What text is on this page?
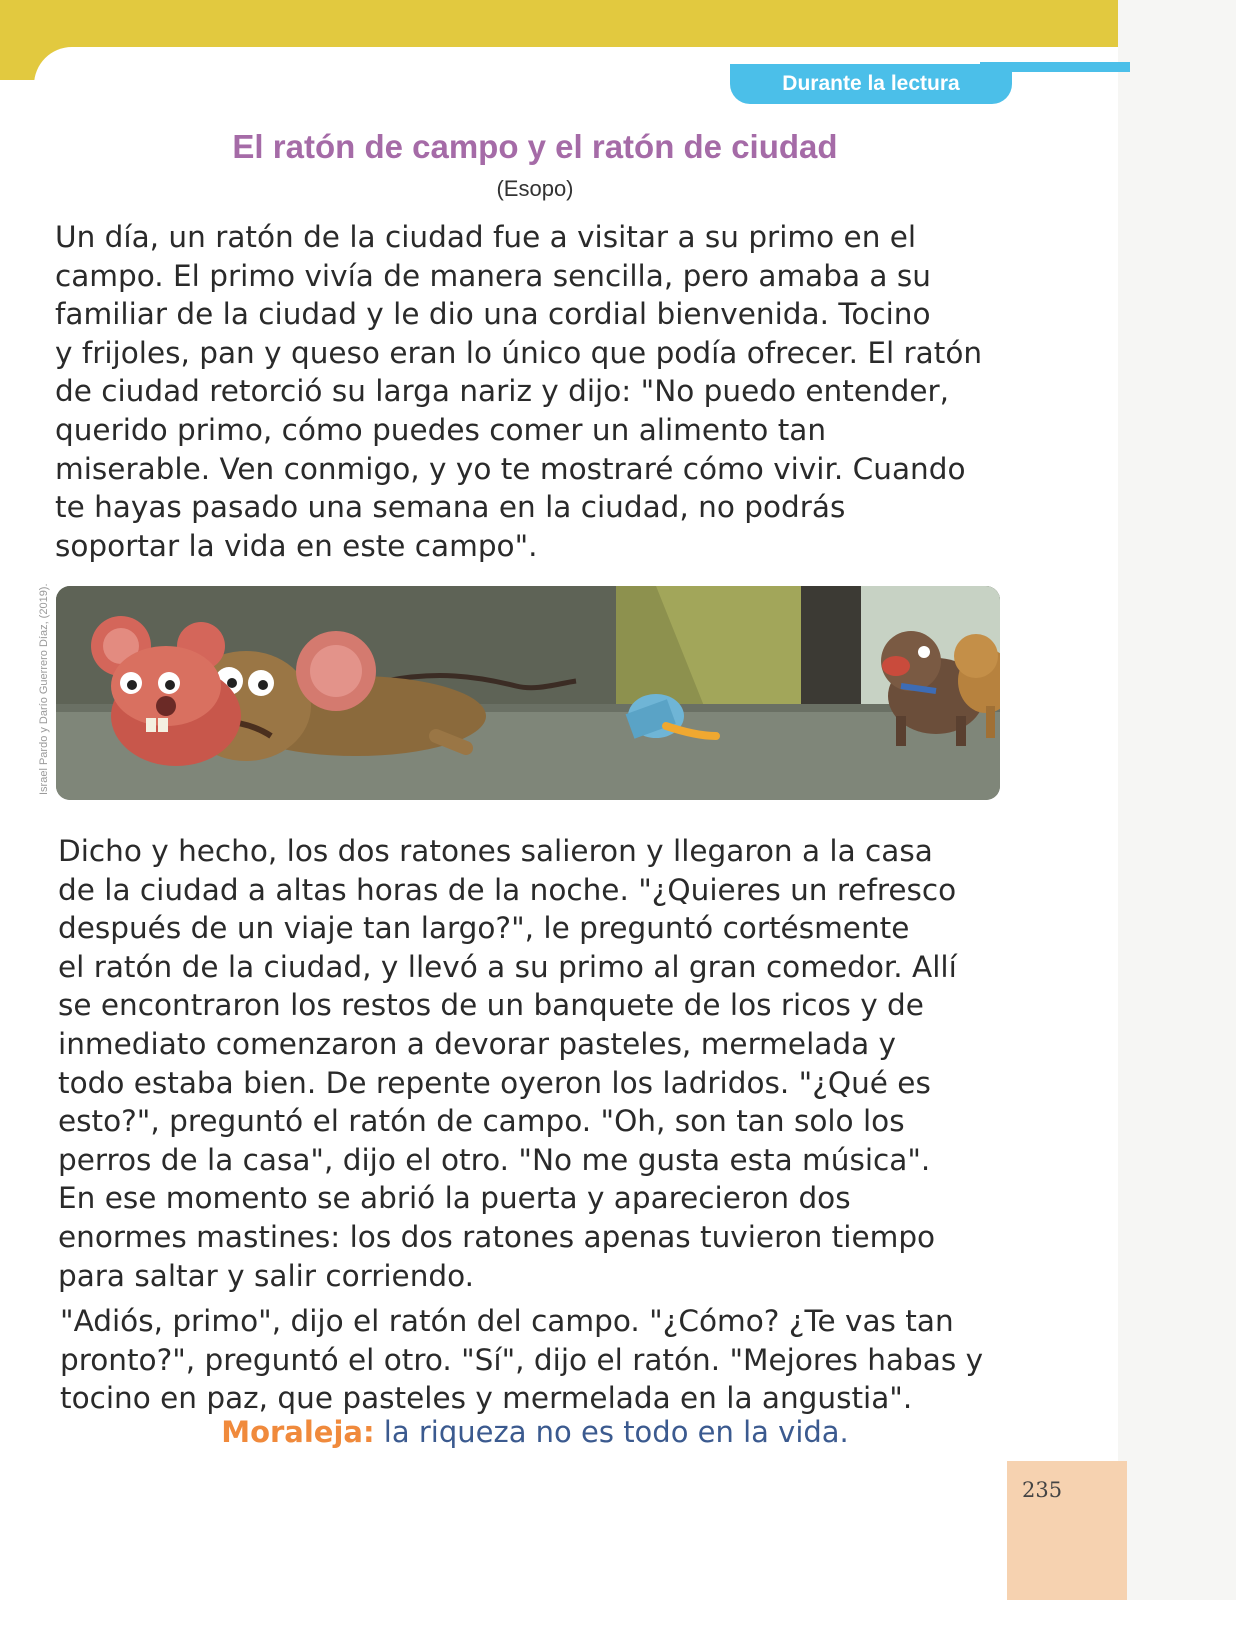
Durante la lectura
El ratón de campo y el ratón de ciudad
(Esopo)

Un día, un ratón de la ciudad fue a visitar a su primo en el
campo. El primo vivía de manera sencilla, pero amaba a su
familiar de la ciudad y le dio una cordial bienvenida. Tocino
y frijoles, pan y queso eran lo único que podía ofrecer. El ratón
de ciudad retorció su larga nariz y dijo: "No puedo entender,
querido primo, cómo puedes comer un alimento tan
miserable. Ven conmigo, y yo te mostraré cómo vivir. Cuando
te hayas pasado una semana en la ciudad, no podrás
soportar la vida en este campo".

Israel Pardo y Darío Guerrero Díaz, (2019).

Dicho y hecho, los dos ratones salieron y llegaron a la casa
de la ciudad a altas horas de la noche. "¿Quieres un refresco
después de un viaje tan largo?", le preguntó cortésmente
el ratón de la ciudad, y llevó a su primo al gran comedor. Allí
se encontraron los restos de un banquete de los ricos y de
inmediato comenzaron a devorar pasteles, mermelada y
todo estaba bien. De repente oyeron los ladridos. "¿Qué es
esto?", preguntó el ratón de campo. "Oh, son tan solo los
perros de la casa", dijo el otro. "No me gusta esta música".
En ese momento se abrió la puerta y aparecieron dos
enormes mastines: los dos ratones apenas tuvieron tiempo
para saltar y salir corriendo.

"Adiós, primo", dijo el ratón del campo. "¿Cómo? ¿Te vas tan
pronto?", preguntó el otro. "Sí", dijo el ratón. "Mejores habas y
tocino en paz, que pasteles y mermelada en la angustia".

Moraleja: la riqueza no es todo en la vida.
235
